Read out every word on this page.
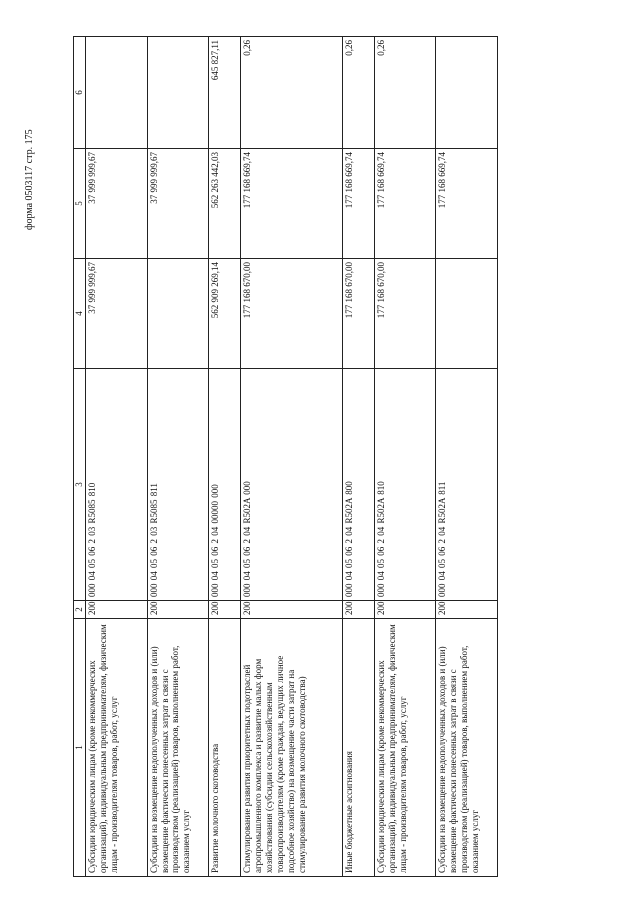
форма 0503117 стр. 175
1	2	3	4	5	6
Субсидии юридическим лицам (кроме некоммерческих организаций), индивидуальным предпринимателям, физическим лицам - производителям товаров, работ, услуг	200	000 04 05 06 2 03 R5085 810	37 999 999,67	37 999 999,67	
Субсидии на возмещение недополученных доходов и (или) возмещение фактически понесенных затрат в связи с производством (реализацией) товаров, выполнением работ, оказанием услуг	200	000 04 05 06 2 03 R5085 811		37 999 999,67	
Развитие молочного скотоводства	200	000 04 05 06 2 04 00000 000	562 909 269,14	562 263 442,03	645 827,11
Стимулирование развития приоритетных подотраслей агропромышленного комплекса и развитие малых форм хозяйствования (субсидии сельскохозяйственным товаропроизводителям (кроме граждан, ведущих личное подсобное хозяйство) на возмещение части затрат на стимулирование развития молочного скотоводства)	200	000 04 05 06 2 04 R502A 000	177 168 670,00	177 168 669,74	0,26
Иные бюджетные ассигнования	200	000 04 05 06 2 04 R502A 800	177 168 670,00	177 168 669,74	0,26
Субсидии юридическим лицам (кроме некоммерческих организаций), индивидуальным предпринимателям, физическим лицам - производителям товаров, работ, услуг	200	000 04 05 06 2 04 R502A 810	177 168 670,00	177 168 669,74	0,26
Субсидии на возмещение недополученных доходов и (или) возмещение фактически понесенных затрат в связи с производством (реализацией) товаров, выполнением работ, оказанием услуг	200	000 04 05 06 2 04 R502A 811		177 168 669,74	
